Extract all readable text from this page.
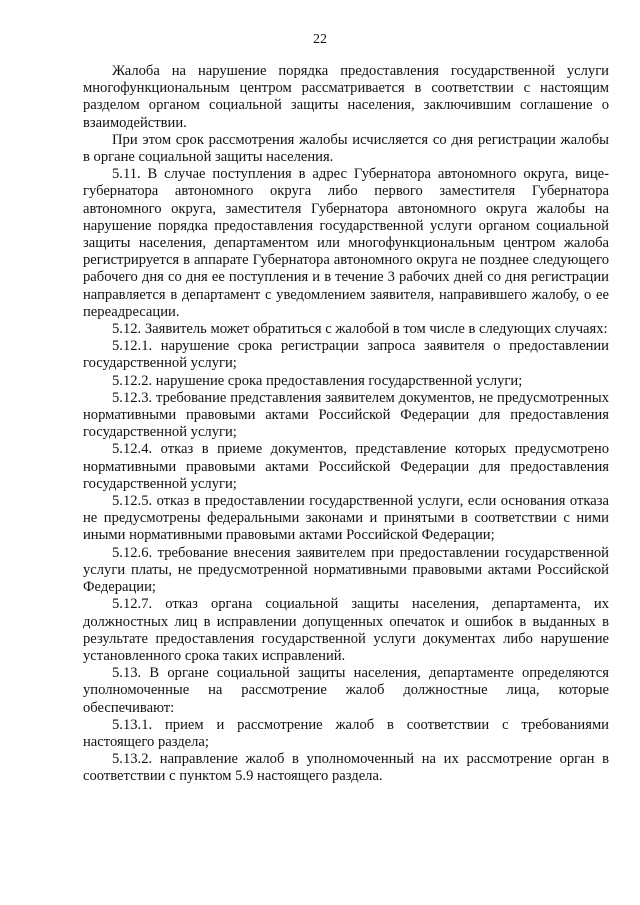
22

Жалоба на нарушение порядка предоставления государственной услуги многофункциональным центром рассматривается в соответствии с настоящим разделом органом социальной защиты населения, заключившим соглашение о взаимодействии.

При этом срок рассмотрения жалобы исчисляется со дня регистрации жалобы в органе социальной защиты населения.

5.11. В случае поступления в адрес Губернатора автономного округа, вице-губернатора автономного округа либо первого заместителя Губернатора автономного округа, заместителя Губернатора автономного округа жалобы на нарушение порядка предоставления государственной услуги органом социальной защиты населения, департаментом или многофункциональным центром жалоба регистрируется в аппарате Губернатора автономного округа не позднее следующего рабочего дня со дня ее поступления и в течение 3 рабочих дней со дня регистрации направляется в департамент с уведомлением заявителя, направившего жалобу, о ее переадресации.

5.12. Заявитель может обратиться с жалобой в том числе в следующих случаях:

5.12.1. нарушение срока регистрации запроса заявителя о предоставлении государственной услуги;

5.12.2. нарушение срока предоставления государственной услуги;

5.12.3. требование представления заявителем документов, не предусмотренных нормативными правовыми актами Российской Федерации для предоставления государственной услуги;

5.12.4. отказ в приеме документов, представление которых предусмотрено нормативными правовыми актами Российской Федерации для предоставления государственной услуги;

5.12.5. отказ в предоставлении государственной услуги, если основания отказа не предусмотрены федеральными законами и принятыми в соответствии с ними иными нормативными правовыми актами Российской Федерации;

5.12.6. требование внесения заявителем при предоставлении государственной услуги платы, не предусмотренной нормативными правовыми актами Российской Федерации;

5.12.7. отказ органа социальной защиты населения, департамента, их должностных лиц в исправлении допущенных опечаток и ошибок в выданных в результате предоставления государственной услуги документах либо нарушение установленного срока таких исправлений.

5.13. В органе социальной защиты населения, департаменте определяются уполномоченные на рассмотрение жалоб должностные лица, которые обеспечивают:

5.13.1. прием и рассмотрение жалоб в соответствии с требованиями настоящего раздела;

5.13.2. направление жалоб в уполномоченный на их рассмотрение орган в соответствии с пунктом 5.9 настоящего раздела.
